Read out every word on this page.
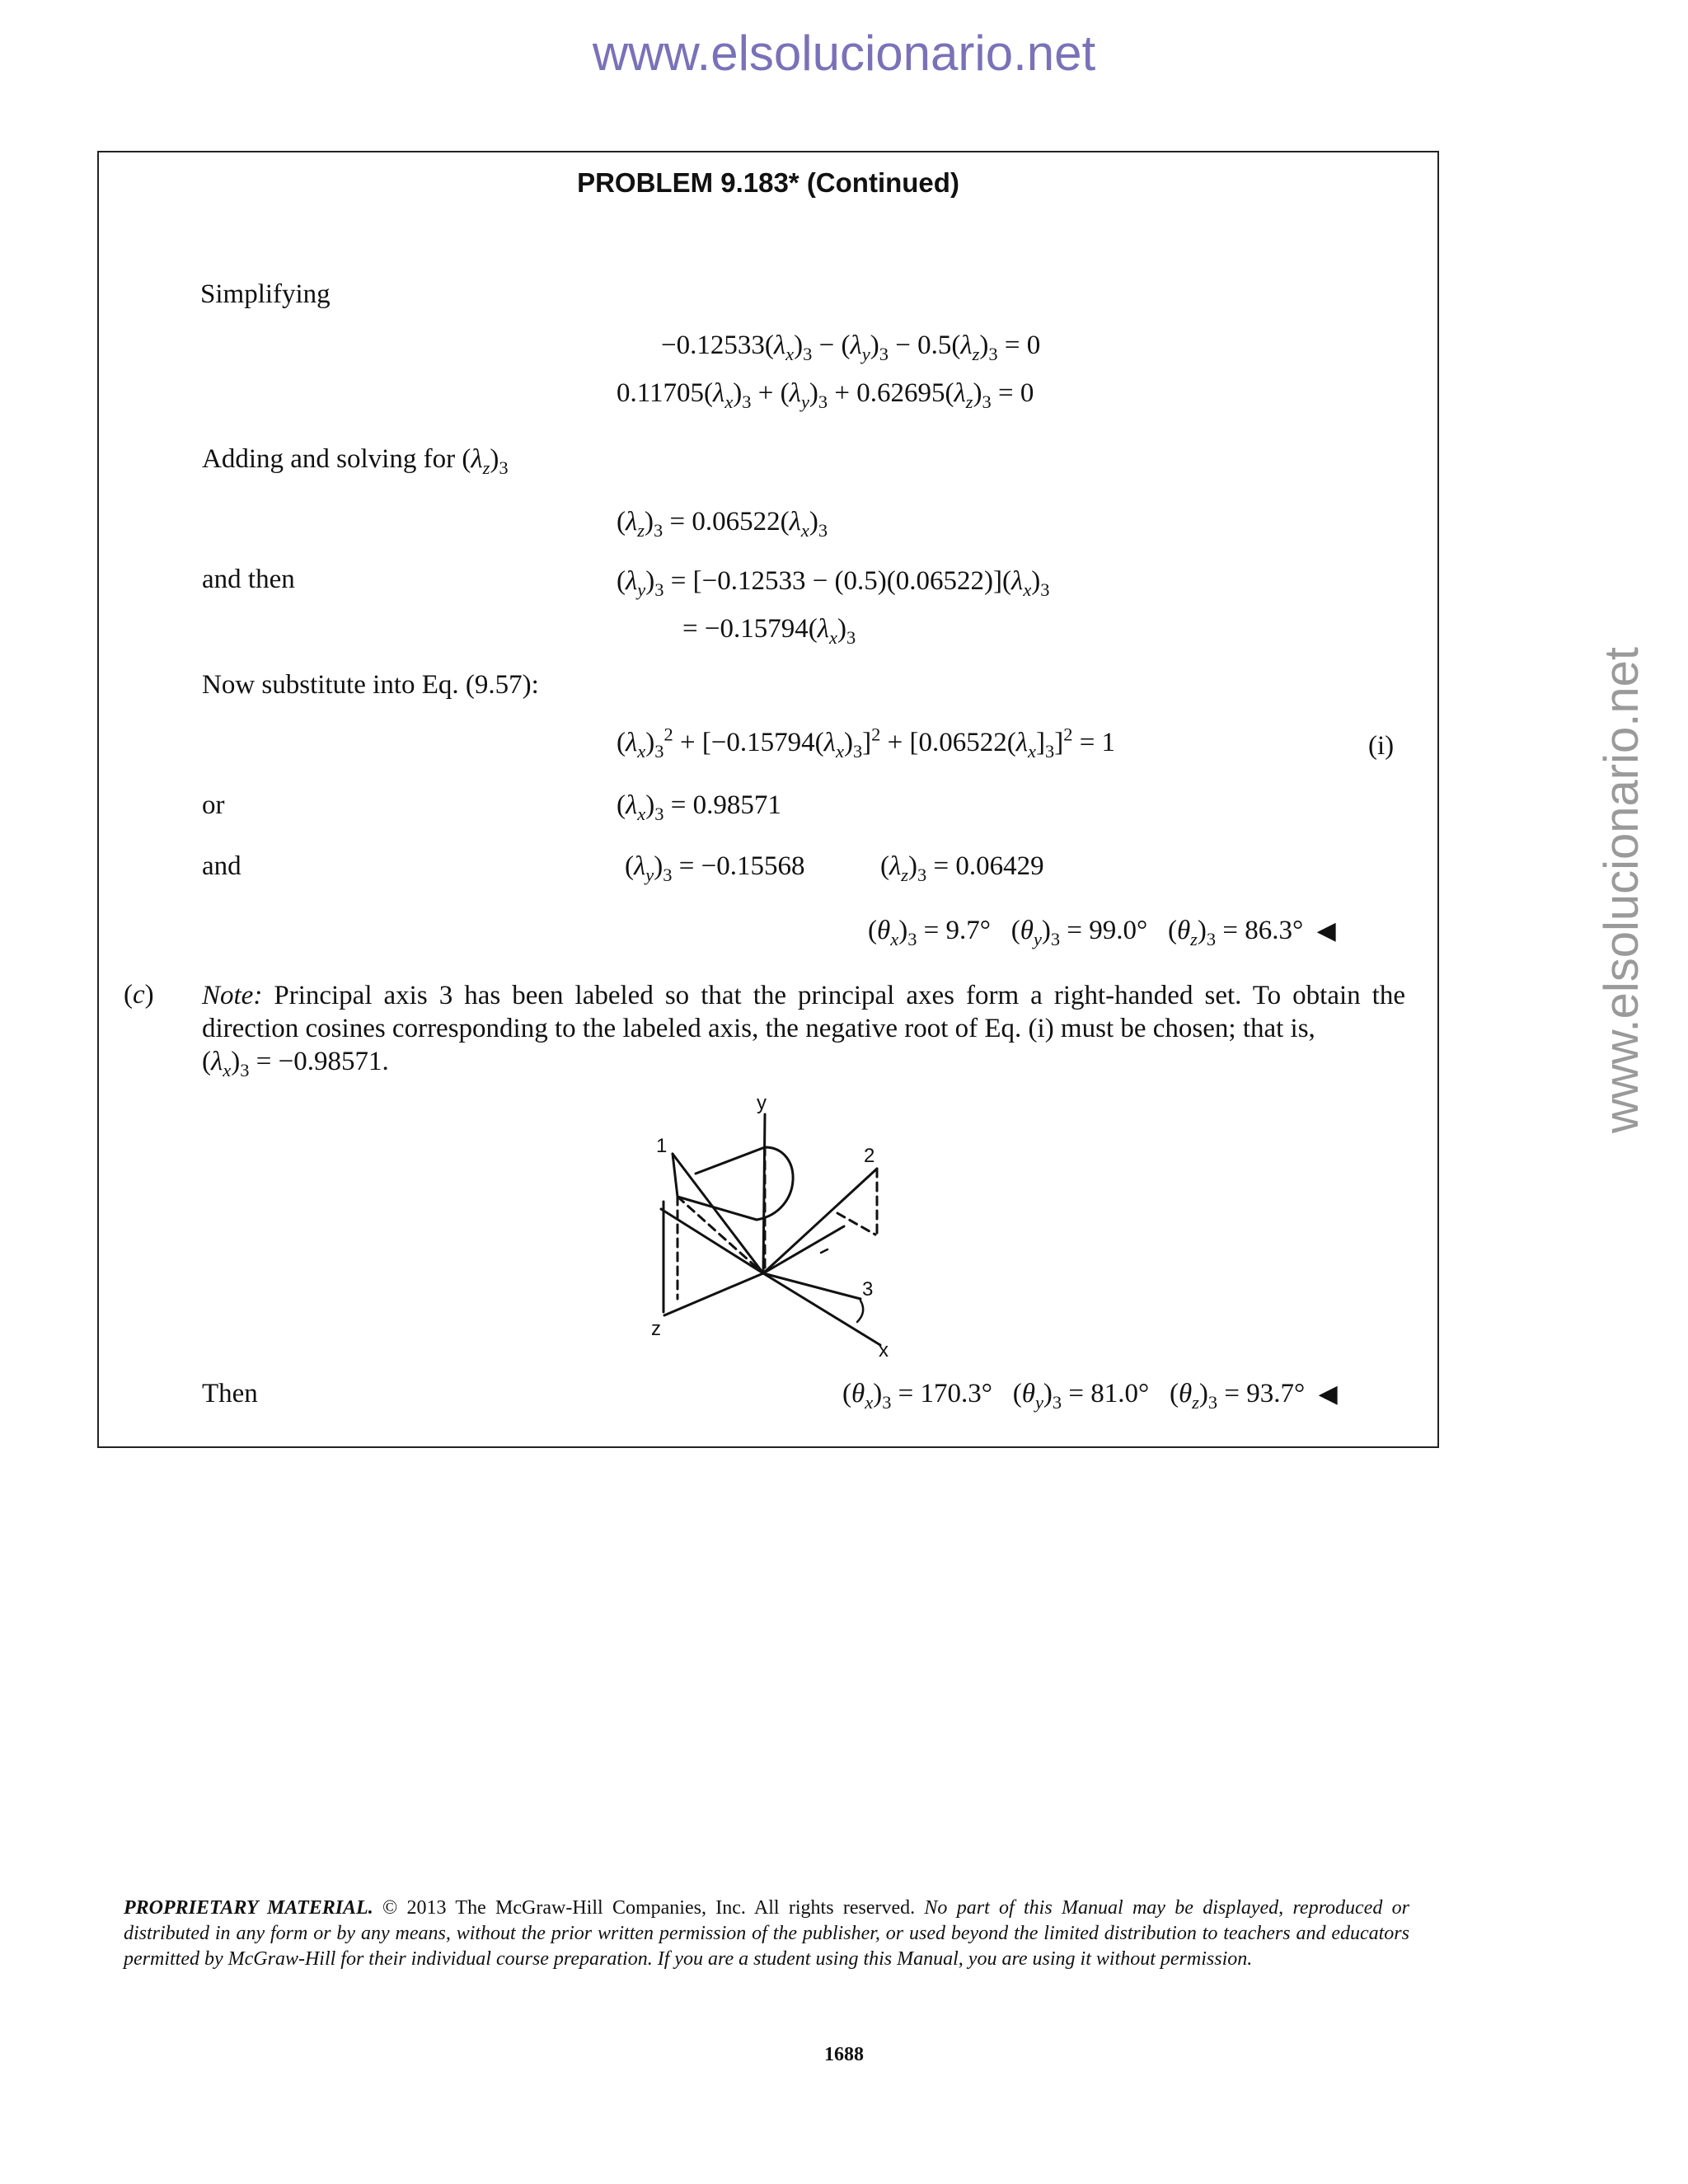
www.elsolucionario.net
www.elsolucionario.net
PROBLEM 9.183* (Continued)
Simplifying
$-0.12533(\lambda_x)_3 - (\lambda_y)_3 - 0.5(\lambda_z)_3 = 0$
$0.11705(\lambda_x)_3 + (\lambda_y)_3 + 0.62695(\lambda_z)_3 = 0$
Adding and solving for $(\lambda_z)_3$
$(\lambda_z)_3 = 0.06522(\lambda_x)_3$
and then	$(\lambda_y)_3 = [-0.12533 - (0.5)(0.06522)](\lambda_x)_3$
= $-0.15794(\lambda_x)_3$
Now substitute into Eq. (9.57):
$(\lambda_x)_3^2 + [-0.15794(\lambda_x)_3]^2 + [0.06522(\lambda_x]_3]^2 = 1$	(i)
or	$(\lambda_x)_3 = 0.98571$
and	$(\lambda_y)_3 = -0.15568$	$(\lambda_z)_3 = 0.06429$
$(\theta_x)_3 = 9.7^\circ$   $(\theta_y)_3 = 99.0^\circ$   $(\theta_z)_3 = 86.3^\circ$ ◀
(c) Note: Principal axis 3 has been labeled so that the principal axes form a right-handed set. To obtain the direction cosines corresponding to the labeled axis, the negative root of Eq. (i) must be chosen; that is,
$(\lambda_x)_3 = -0.98571$.
y
1	2
z
3
x
Then	$(\theta_x)_3 = 170.3^\circ$   $(\theta_y)_3 = 81.0^\circ$   $(\theta_z)_3 = 93.7^\circ$ ◀
PROPRIETARY MATERIAL. © 2013 The McGraw-Hill Companies, Inc. All rights reserved. No part of this Manual may be displayed, reproduced or distributed in any form or by any means, without the prior written permission of the publisher, or used beyond the limited distribution to teachers and educators permitted by McGraw-Hill for their individual course preparation. If you are a student using this Manual, you are using it without permission.
1688
